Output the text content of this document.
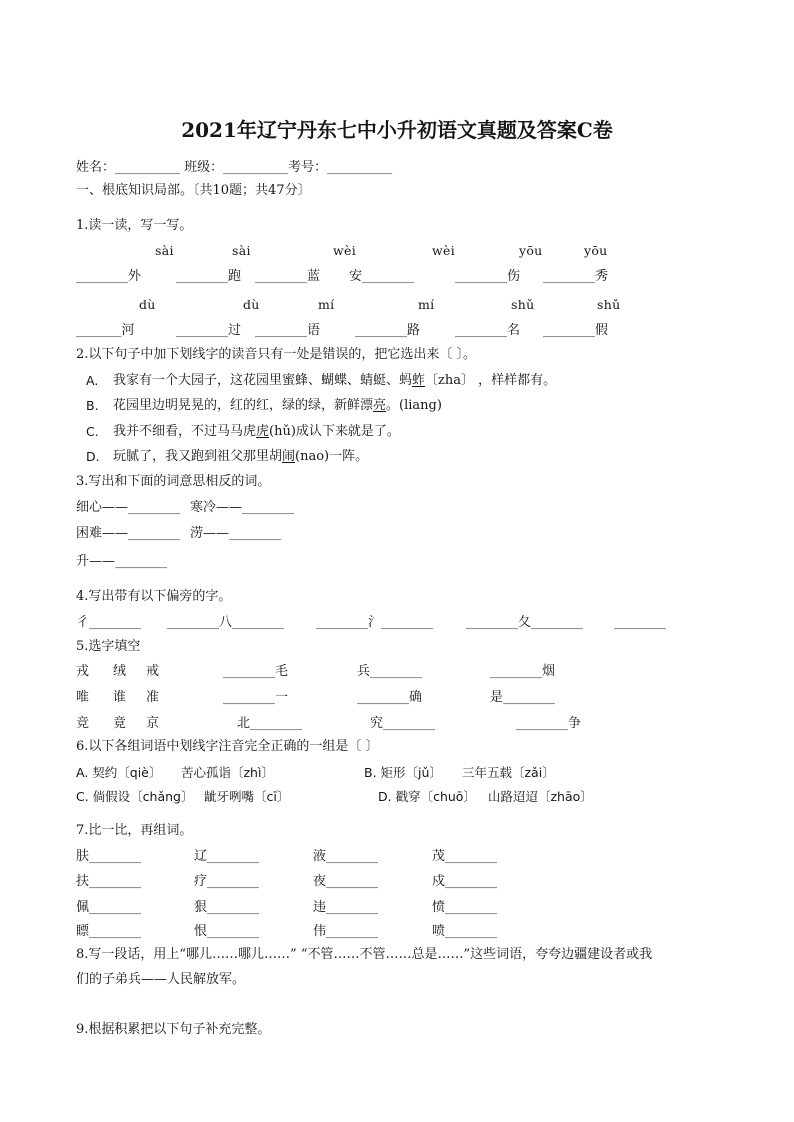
2021年辽宁丹东七中小升初语文真题及答案C卷
姓名：__________ 班级：__________考号：__________
一、根底知识局部。〔共10题；共47分〕
1.读一读，写一写。
sài	sài	wèi	wèi	yōu	yōu
________外	________跑 ________蓝 安________	________伤 ________秀
dù	dù	mí	mí	shǔ	shǔ
_______河	________过 ________语	________路	________名 ________假
2.以下句子中加下划线字的读音只有一处是错误的，把它选出来〔 〕。
A. 我家有一个大园子，这花园里蜜蜂、蝴蝶、蜻蜓、蚂蚱〔zha〕 ，样样都有。
B. 花园里边明晃晃的，红的红，绿的绿，新鲜漂亮。(liang)
C. 我并不细看，不过马马虎虎(hǔ)成认下来就是了。
D. 玩腻了，我又跑到祖父那里胡闹(nao)一阵。
3.写出和下面的词意思相反的词。
细心——________ 寒冷——________
困难——________ 涝——________
升——________
4.写出带有以下偏旁的字。
彳________ ________八________ ________氵________	________夂________ ________
5.选字填空
戎 绒 戒	________毛	兵________	________烟
唯 谁 准	________一	________确	是________
竞 竟 京	北________	究________	________争
6.以下各组词语中划线字注音完全正确的一组是〔 〕
A. 契约〔qiè〕 苦心孤诣〔zhì〕	B. 矩形〔jǔ〕 三年五载〔zǎi〕
C. 倘假设〔chǎng〕 龇牙咧嘴〔cī〕	D. 戳穿〔chuō〕 山路迢迢〔zhāo〕
7.比一比，再组词。
肤________	辽________	液________	茂________
扶________	疗________	夜________	戍________
佩________	狠________	违________	愤________
瞟________	恨________	伟________	喷________
8.写一段话，用上“哪儿……哪儿……” “不管……不管……总是……”这些词语，夸夸边疆建设者或我
们的子弟兵——人民解放军。
9.根据积累把以下句子补充完整。
